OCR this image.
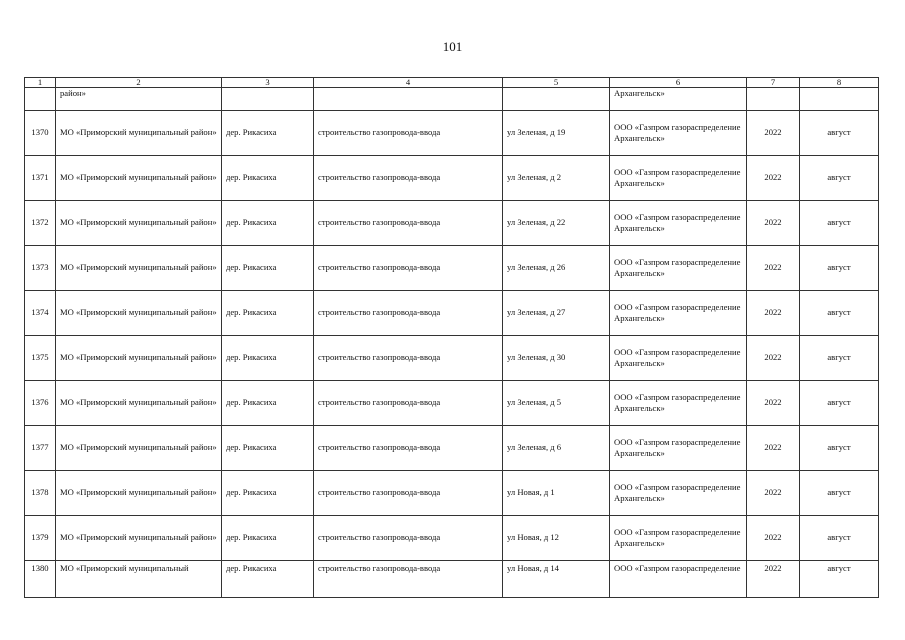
101
1	2	3	4	5	6	7	8
	район»				Архангельск»		
1370	МО «Приморский муниципальный район»	дер. Рикасиха	строительство газопровода-ввода	ул Зеленая, д 19	ООО «Газпром газораспределение Архангельск»	2022	август
1371	МО «Приморский муниципальный район»	дер. Рикасиха	строительство газопровода-ввода	ул Зеленая, д 2	ООО «Газпром газораспределение Архангельск»	2022	август
1372	МО «Приморский муниципальный район»	дер. Рикасиха	строительство газопровода-ввода	ул Зеленая, д 22	ООО «Газпром газораспределение Архангельск»	2022	август
1373	МО «Приморский муниципальный район»	дер. Рикасиха	строительство газопровода-ввода	ул Зеленая, д 26	ООО «Газпром газораспределение Архангельск»	2022	август
1374	МО «Приморский муниципальный район»	дер. Рикасиха	строительство газопровода-ввода	ул Зеленая, д 27	ООО «Газпром газораспределение Архангельск»	2022	август
1375	МО «Приморский муниципальный район»	дер. Рикасиха	строительство газопровода-ввода	ул Зеленая, д 30	ООО «Газпром газораспределение Архангельск»	2022	август
1376	МО «Приморский муниципальный район»	дер. Рикасиха	строительство газопровода-ввода	ул Зеленая, д 5	ООО «Газпром газораспределение Архангельск»	2022	август
1377	МО «Приморский муниципальный район»	дер. Рикасиха	строительство газопровода-ввода	ул Зеленая, д 6	ООО «Газпром газораспределение Архангельск»	2022	август
1378	МО «Приморский муниципальный район»	дер. Рикасиха	строительство газопровода-ввода	ул Новая, д 1	ООО «Газпром газораспределение Архангельск»	2022	август
1379	МО «Приморский муниципальный район»	дер. Рикасиха	строительство газопровода-ввода	ул Новая, д 12	ООО «Газпром газораспределение Архангельск»	2022	август
1380	МО «Приморский муниципальный	дер. Рикасиха	строительство газопровода-ввода	ул Новая, д 14	ООО «Газпром газораспределение	2022	август
